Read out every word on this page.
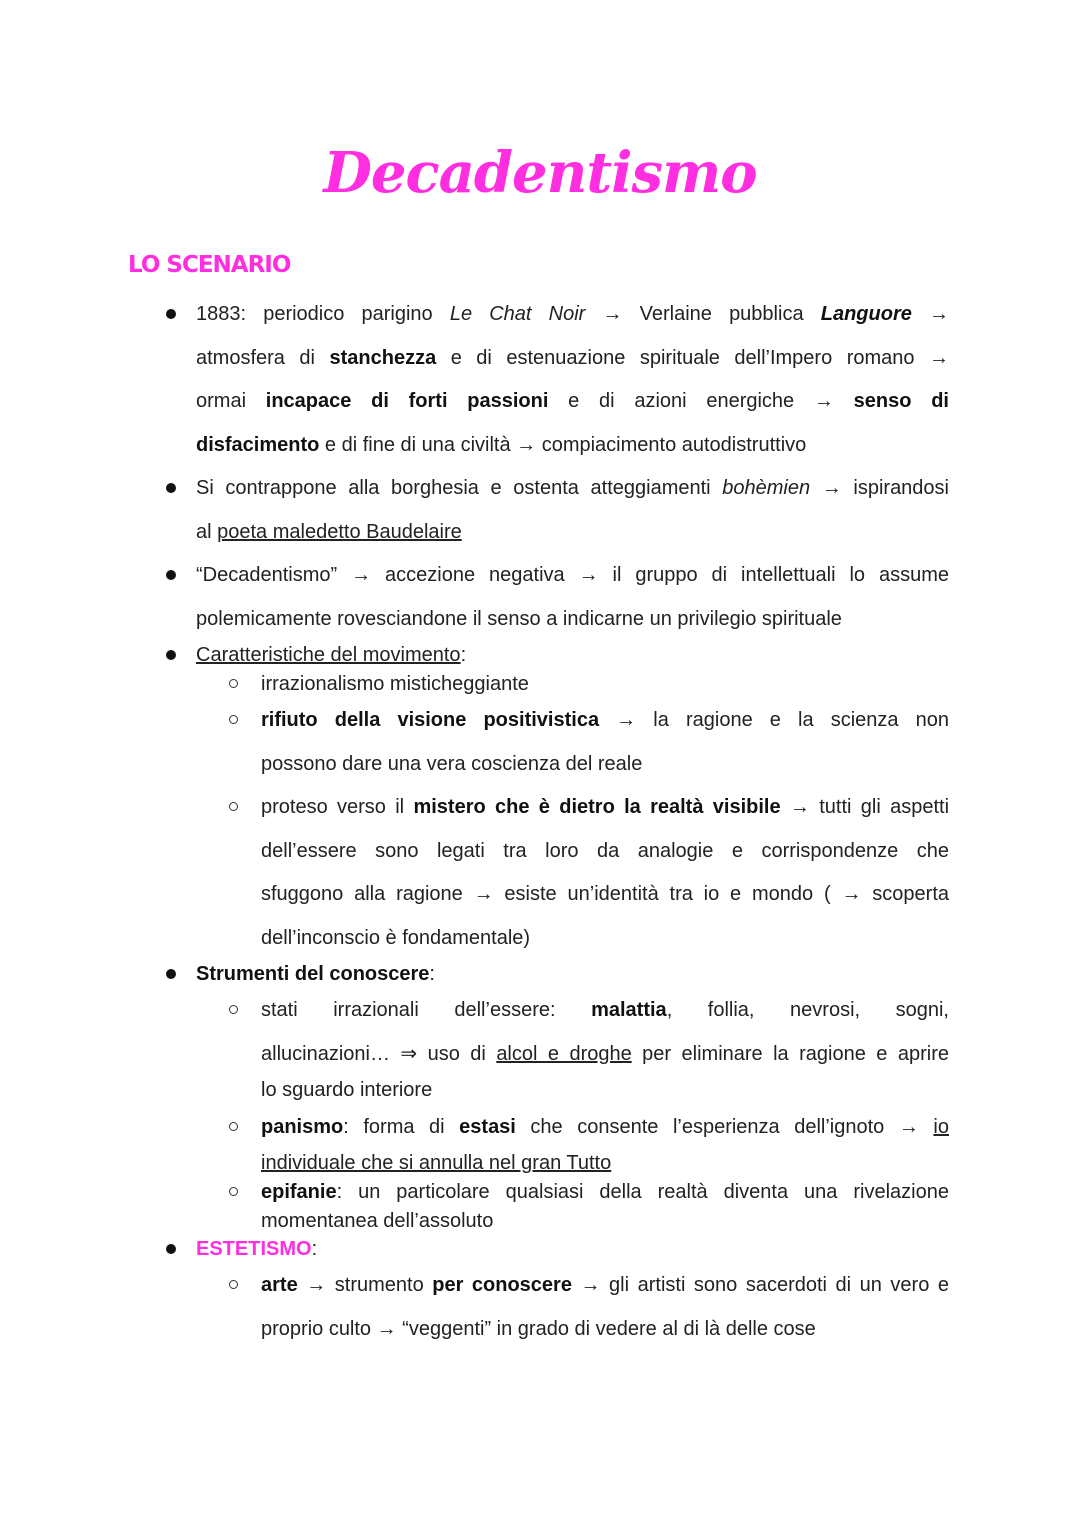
Decadentismo
LO SCENARIO
1883: periodico parigino Le Chat Noir → Verlaine pubblica Languore →
atmosfera di stanchezza e di estenuazione spirituale dell’Impero romano →
ormai incapace di forti passioni e di azioni energiche → senso di
disfacimento e di fine di una civiltà → compiacimento autodistruttivo
Si contrappone alla borghesia e ostenta atteggiamenti bohèmien → ispirandosi
al poeta maledetto Baudelaire
“Decadentismo” → accezione negativa → il gruppo di intellettuali lo assume
polemicamente rovesciandone il senso a indicarne un privilegio spirituale
Caratteristiche del movimento:
irrazionalismo misticheggiante
rifiuto della visione positivistica → la ragione e la scienza non
possono dare una vera coscienza del reale
proteso verso il mistero che è dietro la realtà visibile → tutti gli aspetti
dell’essere sono legati tra loro da analogie e corrispondenze che
sfuggono alla ragione → esiste un’identità tra io e mondo ( → scoperta
dell’inconscio è fondamentale)
Strumenti del conoscere:
stati irrazionali dell’essere: malattia, follia, nevrosi, sogni,
allucinazioni… ⇒ uso di alcol e droghe per eliminare la ragione e aprire
lo sguardo interiore
panismo: forma di estasi che consente l’esperienza dell’ignoto → io
individuale che si annulla nel gran Tutto
epifanie: un particolare qualsiasi della realtà diventa una rivelazione
momentanea dell’assoluto
ESTETISMO:
arte → strumento per conoscere → gli artisti sono sacerdoti di un vero e
proprio culto → “veggenti” in grado di vedere al di là delle cose
